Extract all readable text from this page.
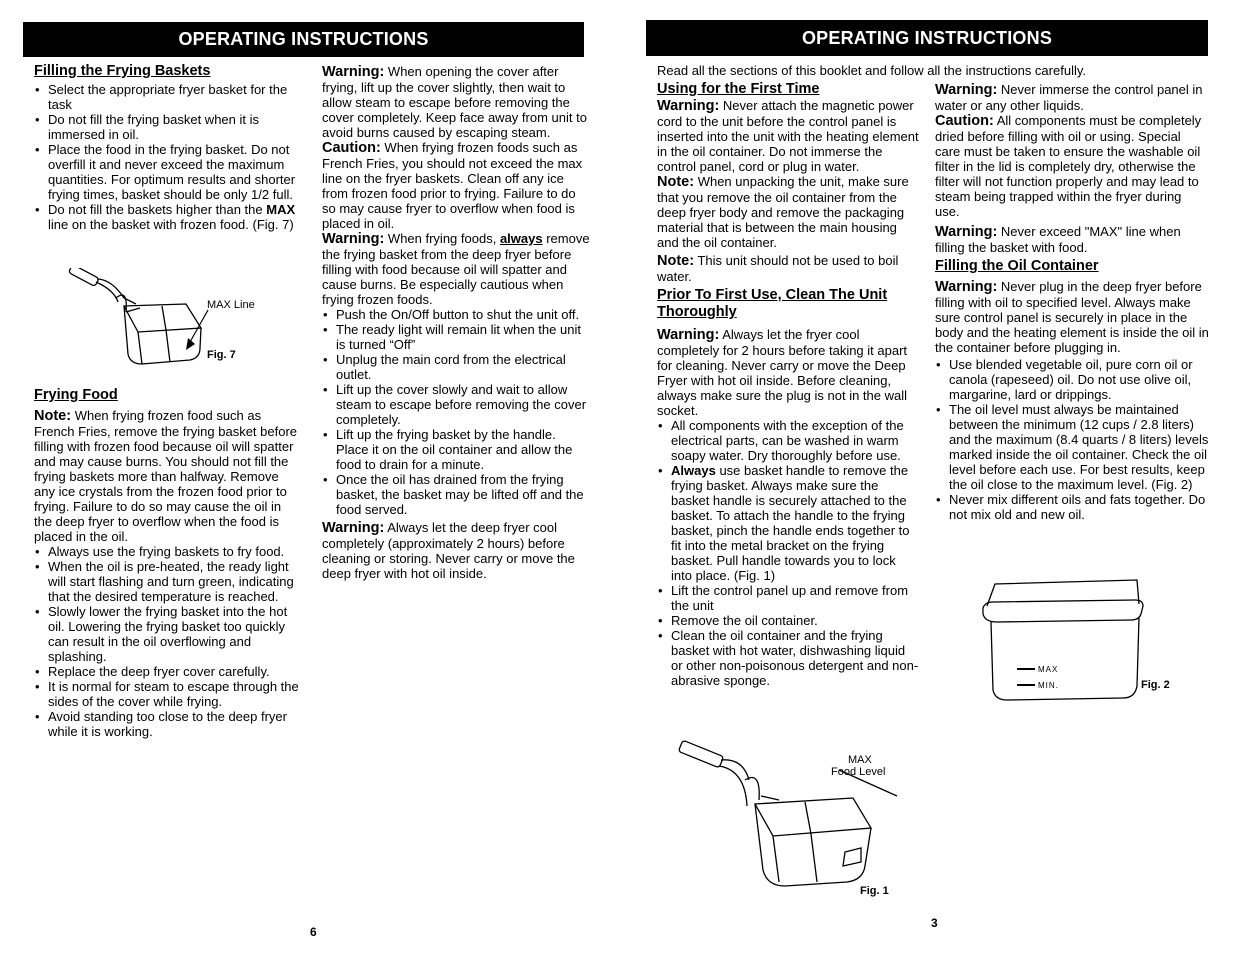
OPERATING INSTRUCTIONS

Filling the Frying Baskets

• Select the appropriate fryer basket for the task
• Do not fill the frying basket when it is immersed in oil.
• Place the food in the frying basket. Do not overfill it and never exceed the maximum quantities. For optimum results and shorter frying times, basket should be only 1/2 full.
• Do not fill the baskets higher than the MAX line on the basket with frozen food. (Fig. 7)
MAX Line
Fig. 7

Frying Food

Note: When frying frozen food such as French Fries, remove the frying basket before filling with frozen food because oil will spatter and may cause burns. You should not fill the frying baskets more than halfway. Remove any ice crystals from the frozen food prior to frying. Failure to do so may cause the oil in the deep fryer to overflow when the food is placed in the oil.

• Always use the frying baskets to fry food.
• When the oil is pre-heated, the ready light will start flashing and turn green, indicating that the desired temperature is reached.
• Slowly lower the frying basket into the hot oil. Lowering the frying basket too quickly can result in the oil overflowing and splashing.
• Replace the deep fryer cover carefully.
• It is normal for steam to escape through the sides of the cover while frying.
• Avoid standing too close to the deep fryer while it is working.

Warning: When opening the cover after frying, lift up the cover slightly, then wait to allow steam to escape before removing the cover completely. Keep face away from unit to avoid burns caused by escaping steam.

Caution: When frying frozen foods such as French Fries, you should not exceed the max line on the fryer baskets. Clean off any ice from frozen food prior to frying. Failure to do so may cause fryer to overflow when food is placed in oil.

Warning: When frying foods, always remove the frying basket from the deep fryer before filling with food because oil will spatter and cause burns. Be especially cautious when frying frozen foods.

• Push the On/Off button to shut the unit off.
• The ready light will remain lit when the unit is turned “Off”
• Unplug the main cord from the electrical outlet.
• Lift up the cover slowly and wait to allow steam to escape before removing the cover completely.
• Lift up the frying basket by the handle. Place it on the oil container and allow the food to drain for a minute.
• Once the oil has drained from the frying basket, the basket may be lifted off and the food served.

Warning: Always let the deep fryer cool completely (approximately 2 hours) before cleaning or storing. Never carry or move the deep fryer with hot oil inside.

6
OPERATING INSTRUCTIONS
Read all the sections of this booklet and follow all the instructions carefully.

Using for the First Time

Warning: Never attach the magnetic power cord to the unit before the control panel is inserted into the unit with the heating element in the oil container. Do not immerse the control panel, cord or plug in water.

Note: When unpacking the unit, make sure that you remove the oil container from the deep fryer body and remove the packaging material that is between the main housing and the oil container.

Note: This unit should not be used to boil water.

Prior To First Use, Clean The Unit Thoroughly

Warning: Always let the fryer cool completely for 2 hours before taking it apart for cleaning. Never carry or move the Deep Fryer with hot oil inside. Before cleaning, always make sure the plug is not in the wall socket.

• All components with the exception of the electrical parts, can be washed in warm soapy water. Dry thoroughly before use.
• Always use basket handle to remove the frying basket. Always make sure the basket handle is securely attached to the basket. To attach the handle to the frying basket, pinch the handle ends together to fit into the metal bracket on the frying basket. Pull handle towards you to lock into place. (Fig. 1)
• Lift the control panel up and remove from the unit
• Remove the oil container.
• Clean the oil container and the frying basket with hot water, dishwashing liquid or other non-poisonous detergent and non-abrasive sponge.
MAX
Food Level
Fig. 1

Warning: Never immerse the control panel in water or any other liquids.

Caution: All components must be completely dried before filling with oil or using. Special care must be taken to ensure the washable oil filter in the lid is completely dry, otherwise the filter will not function properly and may lead to steam being trapped within the fryer during use.

Warning: Never exceed "MAX" line when filling the basket with food.

Filling the Oil Container

Warning: Never plug in the deep fryer before filling with oil to specified level. Always make sure control panel is securely in place in the body and the heating element is inside the oil in the container before plugging in.

• Use blended vegetable oil, pure corn oil or canola (rapeseed) oil. Do not use olive oil, margarine, lard or drippings.
• The oil level must always be maintained between the minimum (12 cups / 2.8 liters) and the maximum (8.4 quarts / 8 liters) levels marked inside the oil container. Check the oil level before each use. For best results, keep the oil close to the maximum level. (Fig. 2)
• Never mix different oils and fats together. Do not mix old and new oil.
MAX
MIN.	Fig. 2
3
